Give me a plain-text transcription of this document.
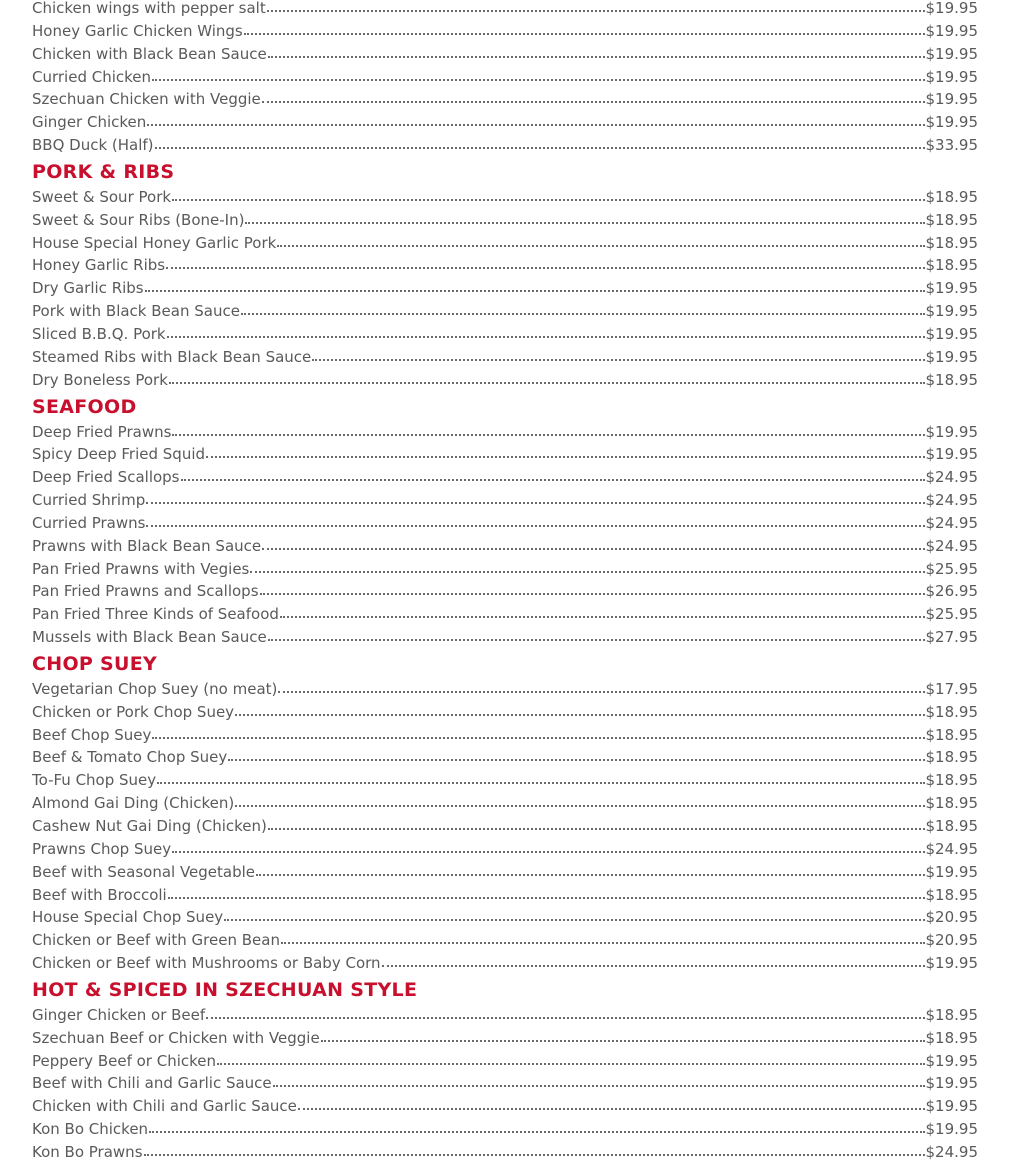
Chicken wings with pepper salt	$19.95
Honey Garlic Chicken Wings	$19.95
Chicken with Black Bean Sauce	$19.95
Curried Chicken	$19.95
Szechuan Chicken with Veggie	$19.95
Ginger Chicken	$19.95
BBQ Duck (Half)	$33.95
PORK & RIBS
Sweet & Sour Pork	$18.95
Sweet & Sour Ribs (Bone-In)	$18.95
House Special Honey Garlic Pork	$18.95
Honey Garlic Ribs	$18.95
Dry Garlic Ribs	$19.95
Pork with Black Bean Sauce	$19.95
Sliced B.B.Q. Pork	$19.95
Steamed Ribs with Black Bean Sauce	$19.95
Dry Boneless Pork	$18.95
SEAFOOD
Deep Fried Prawns	$19.95
Spicy Deep Fried Squid	$19.95
Deep Fried Scallops	$24.95
Curried Shrimp	$24.95
Curried Prawns	$24.95
Prawns with Black Bean Sauce	$24.95
Pan Fried Prawns with Vegies	$25.95
Pan Fried Prawns and Scallops	$26.95
Pan Fried Three Kinds of Seafood	$25.95
Mussels with Black Bean Sauce	$27.95
CHOP SUEY
Vegetarian Chop Suey (no meat)	$17.95
Chicken or Pork Chop Suey	$18.95
Beef Chop Suey	$18.95
Beef & Tomato Chop Suey	$18.95
To-Fu Chop Suey	$18.95
Almond Gai Ding (Chicken)	$18.95
Cashew Nut Gai Ding (Chicken)	$18.95
Prawns Chop Suey	$24.95
Beef with Seasonal Vegetable	$19.95
Beef with Broccoli	$18.95
House Special Chop Suey	$20.95
Chicken or Beef with Green Bean	$20.95
Chicken or Beef with Mushrooms or Baby Corn	$19.95
HOT & SPICED IN SZECHUAN STYLE
Ginger Chicken or Beef	$18.95
Szechuan Beef or Chicken with Veggie	$18.95
Peppery Beef or Chicken	$19.95
Beef with Chili and Garlic Sauce	$19.95
Chicken with Chili and Garlic Sauce	$19.95
Kon Bo Chicken	$19.95
Kon Bo Prawns	$24.95
